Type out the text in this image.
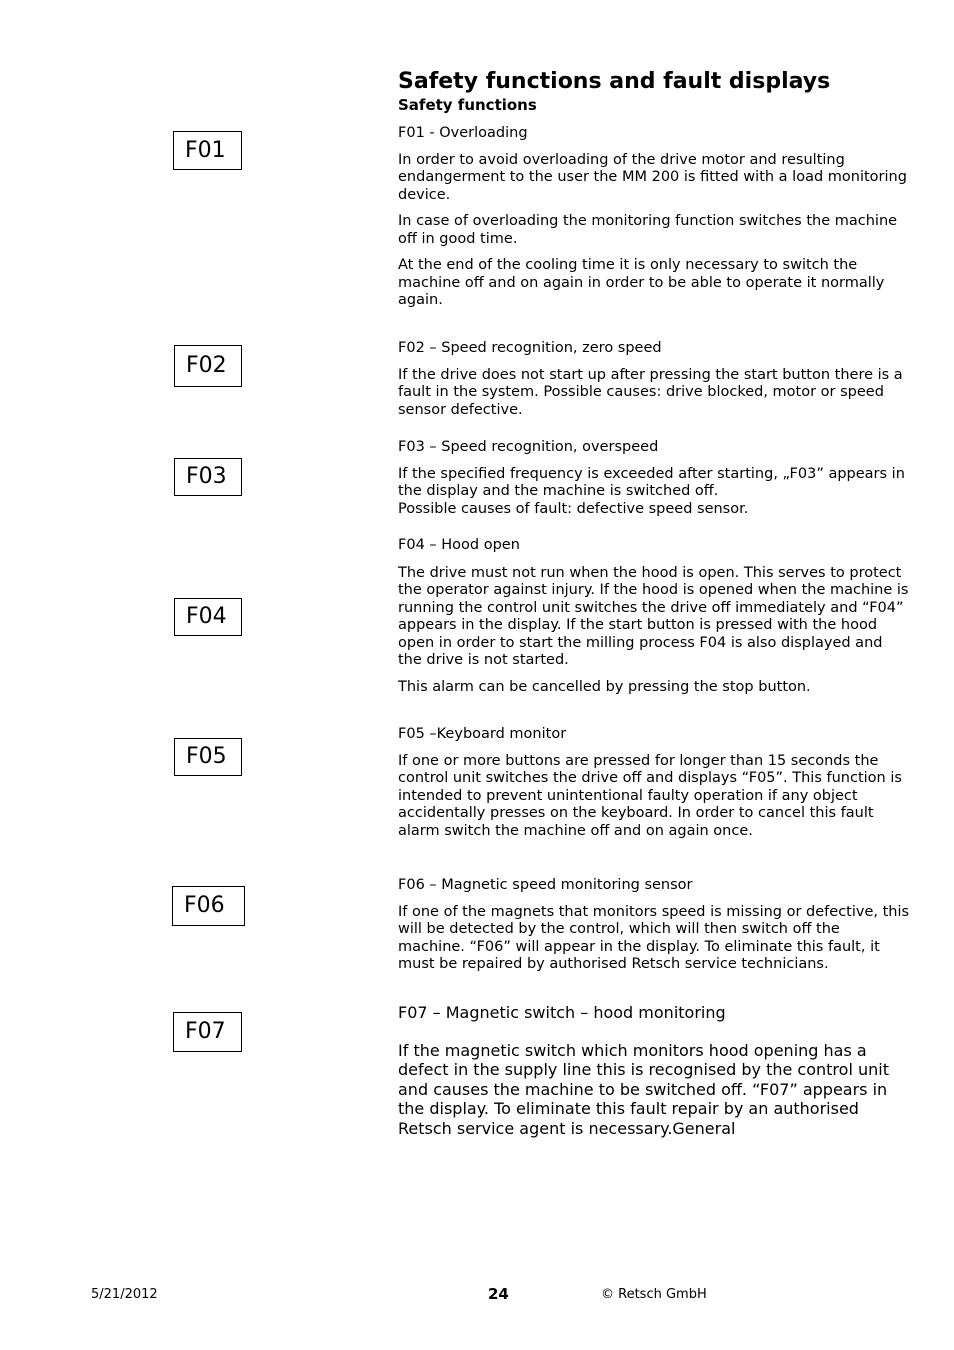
Safety functions and fault displays
Safety functions
F01
F02
F03
F04
F05
F06
F07

F01 - Overloading

In order to avoid overloading of the drive motor and resulting endangerment to the user the MM 200 is fitted with a load monitoring device.

In case of overloading the monitoring function switches the machine off in good time.

At the end of the cooling time it is only necessary to switch the machine off and on again in order to be able to operate it normally again.

F02 – Speed recognition, zero speed

If the drive does not start up after pressing the start button there is a fault in the system. Possible causes: drive blocked, motor or speed sensor defective.

F03 – Speed recognition, overspeed

If the specified frequency is exceeded after starting, „F03” appears in the display and the machine is switched off.

Possible causes of fault: defective speed sensor.

F04 – Hood open

The drive must not run when the hood is open. This serves to protect the operator against injury. If the hood is opened when the machine is running the control unit switches the drive off immediately and “F04” appears in the display. If the start button is pressed with the hood open in order to start the milling process F04 is also displayed and the drive is not started.

This alarm can be cancelled by pressing the stop button.

F05 –Keyboard monitor

If one or more buttons are pressed for longer than 15 seconds the control unit switches the drive off and displays “F05”. This function is intended to prevent unintentional faulty operation if any object accidentally presses on the keyboard. In order to cancel this fault alarm switch the machine off and on again once.

F06 – Magnetic speed monitoring sensor

If one of the magnets that monitors speed is missing or defective, this will be detected by the control, which will then switch off the machine. “F06” will appear in the display. To eliminate this fault, it must be repaired by authorised Retsch service technicians.

F07 – Magnetic switch – hood monitoring

If the magnetic switch which monitors hood opening has a defect in the supply line this is recognised by the control unit and causes the machine to be switched off. “F07” appears in the display. To eliminate this fault repair by an authorised Retsch service agent is necessary.General

5/21/2012	24	© Retsch GmbH
